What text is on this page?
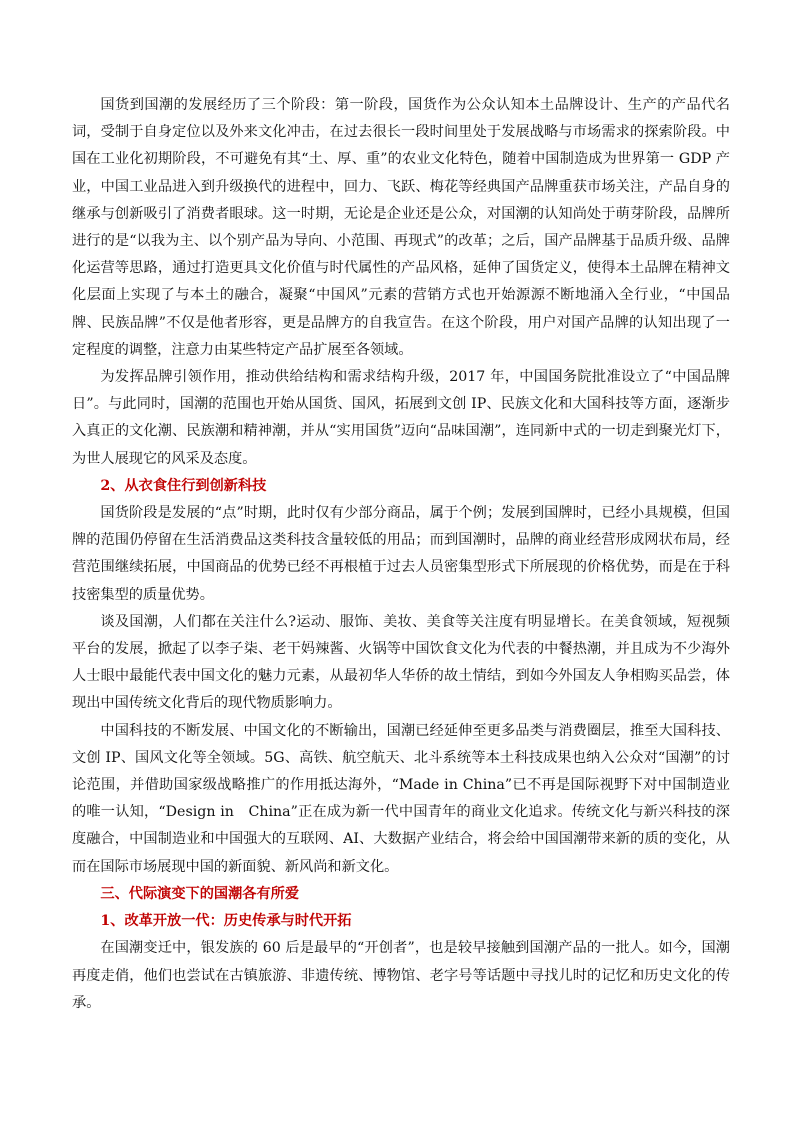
国货到国潮的发展经历了三个阶段：第一阶段，国货作为公众认知本土品牌设计、生产的产品代名词，受制于自身定位以及外来文化冲击，在过去很长一段时间里处于发展战略与市场需求的探索阶段。中国在工业化初期阶段，不可避免有其“土、厚、重”的农业文化特色，随着中国制造成为世界第一 GDP 产业，中国工业品进入到升级换代的进程中，回力、飞跃、梅花等经典国产品牌重获市场关注，产品自身的继承与创新吸引了消费者眼球。这一时期，无论是企业还是公众，对国潮的认知尚处于萌芽阶段，品牌所进行的是“以我为主、以个别产品为导向、小范围、再现式”的改革；之后，国产品牌基于品质升级、品牌化运营等思路，通过打造更具文化价值与时代属性的产品风格，延伸了国货定义，使得本土品牌在精神文化层面上实现了与本土的融合，凝聚“中国风”元素的营销方式也开始源源不断地涌入全行业，“中国品牌、民族品牌”不仅是他者形容，更是品牌方的自我宣告。在这个阶段，用户对国产品牌的认知出现了一定程度的调整，注意力由某些特定产品扩展至各领域。

为发挥品牌引领作用，推动供给结构和需求结构升级，2017 年，中国国务院批准设立了“中国品牌日”。与此同时，国潮的范围也开始从国货、国风，拓展到文创 IP、民族文化和大国科技等方面，逐渐步入真正的文化潮、民族潮和精神潮，并从“实用国货”迈向“品味国潮”，连同新中式的一切走到聚光灯下，为世人展现它的风采及态度。

2、从衣食住行到创新科技

国货阶段是发展的“点”时期，此时仅有少部分商品，属于个例；发展到国牌时，已经小具规模，但国牌的范围仍停留在生活消费品这类科技含量较低的用品；而到国潮时，品牌的商业经营形成网状布局，经营范围继续拓展，中国商品的优势已经不再根植于过去人员密集型形式下所展现的价格优势，而是在于科技密集型的质量优势。

谈及国潮，人们都在关注什么?运动、服饰、美妆、美食等关注度有明显增长。在美食领域，短视频平台的发展，掀起了以李子柒、老干妈辣酱、火锅等中国饮食文化为代表的中餐热潮，并且成为不少海外人士眼中最能代表中国文化的魅力元素，从最初华人华侨的故土情结，到如今外国友人争相购买品尝，体现出中国传统文化背后的现代物质影响力。

中国科技的不断发展、中国文化的不断输出，国潮已经延伸至更多品类与消费圈层，推至大国科技、文创 IP、国风文化等全领域。5G、高铁、航空航天、北斗系统等本土科技成果也纳入公众对“国潮”的讨论范围，并借助国家级战略推广的作用抵达海外，“Made in China”已不再是国际视野下对中国制造业的唯一认知，“Design in　China”正在成为新一代中国青年的商业文化追求。传统文化与新兴科技的深度融合，中国制造业和中国强大的互联网、AI、大数据产业结合，将会给中国国潮带来新的质的变化，从而在国际市场展现中国的新面貌、新风尚和新文化。

三、代际演变下的国潮各有所爱

1、改革开放一代：历史传承与时代开拓

在国潮变迁中，银发族的 60 后是最早的“开创者”，也是较早接触到国潮产品的一批人。如今，国潮再度走俏，他们也尝试在古镇旅游、非遗传统、博物馆、老字号等话题中寻找儿时的记忆和历史文化的传承。
